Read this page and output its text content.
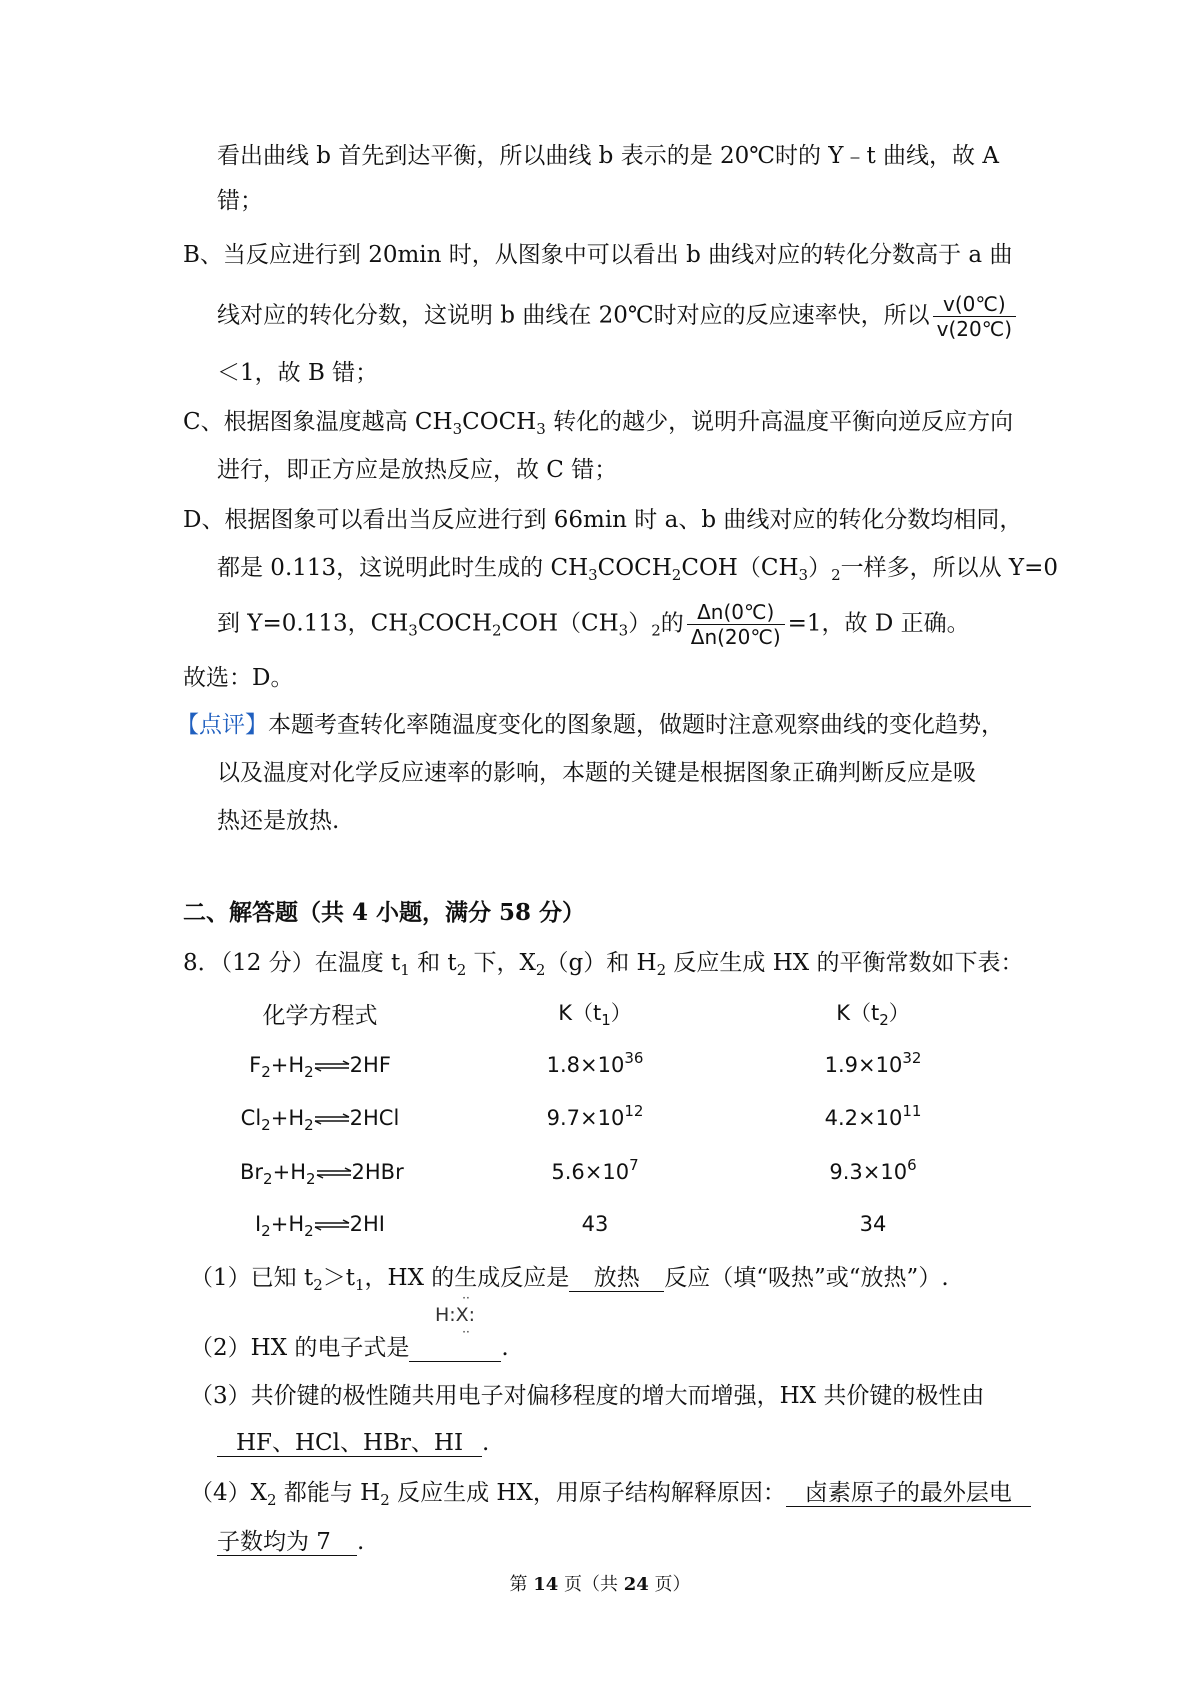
看出曲线 b 首先到达平衡，所以曲线 b 表示的是 20℃时的 Y﹣t 曲线，故 A
错；
B、当反应进行到 20min 时，从图象中可以看出 b 曲线对应的转化分数高于 a 曲
线对应的转化分数，这说明 b 曲线在 20℃时对应的反应速率快，所以 $\frac{v(0℃)}{v(20℃)}$
＜1，故 B 错；
C、根据图象温度越高 $CH_3COCH_3$ 转化的越少，说明升高温度平衡向逆反应方向
进行，即正方应是放热反应，故 C 错；
D、根据图象可以看出当反应进行到 66min 时 a、b 曲线对应的转化分数均相同，
都是 0.113，这说明此时生成的 $CH_3COCH_2COH(CH_3)_2$一样多，所以从 Y=0
到 Y=0.113，$CH_3COCH_2COH(CH_3)_2$的 $\frac{\Delta n(0℃)}{\Delta n(20℃)} =1$，故 D 正确。
故选：D。
【点评】本题考查转化率随温度变化的图象题，做题时注意观察曲线的变化趋势，
以及温度对化学反应速率的影响，本题的关键是根据图象正确判断反应是吸
热还是放热.
二、解答题（共 4 小题，满分 58 分）
8．（12 分）在温度 $t_1$ 和 $t_2$ 下，$X_2(g)$和 $H_2$ 反应生成 HX 的平衡常数如下表：
化学方程式	$K(t_1)$	$K(t_2)$
$F_2+H_2\rightleftharpoons 2HF$	$1.8\times 10^{36}$	$1.9\times 10^{32}$
$Cl_2+H_2\rightleftharpoons 2HCl$	$9.7\times 10^{12}$	$4.2\times 10^{11}$
$Br_2+H_2\rightleftharpoons 2HBr$	$5.6\times 10^7$	$9.3\times 10^6$
$I_2+H_2\rightleftharpoons 2HI$	43	34
（1）已知 $t_2>t_1$，HX 的生成反应是 放热 反应（填“吸热”或“放热”）.
（2）HX 的电子式是	.
··
H:X:
··
（3）共价键的极性随共用电子对偏移程度的增大而增强，HX 共价键的极性由
HF、HCl、HBr、HI .
$(4)X_2$ 都能与 $H_2$ 反应生成 HX，用原子结构解释原因： 卤素原子的最外层电
子数均为 7 .
第 14 页（共 24 页）
